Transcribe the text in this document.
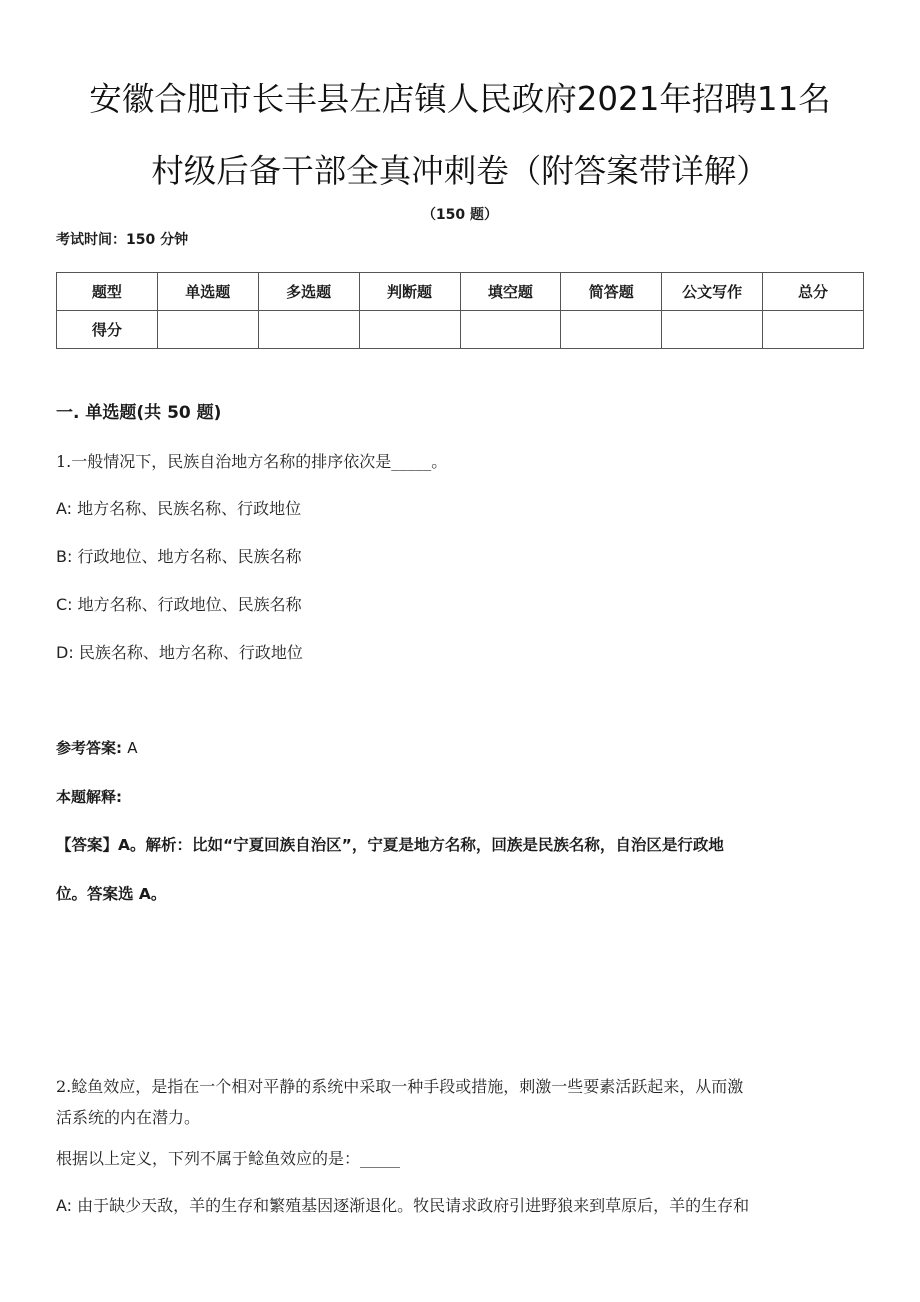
安徽合肥市长丰县左店镇人民政府2021年招聘11名
村级后备干部全真冲刺卷（附答案带详解）
（150 题）
考试时间：150 分钟
题型	单选题	多选题	判断题	填空题	简答题	公文写作	总分
得分							
一. 单选题(共 50 题)
1.一般情况下，民族自治地方名称的排序依次是_____。
A: 地方名称、民族名称、行政地位
B: 行政地位、地方名称、民族名称
C: 地方名称、行政地位、民族名称
D: 民族名称、地方名称、行政地位
参考答案: A
本题解释:
【答案】A。解析：比如“宁夏回族自治区”，宁夏是地方名称，回族是民族名称，自治区是行政地
位。答案选 A。
2.鲶鱼效应，是指在一个相对平静的系统中采取一种手段或措施，刺激一些要素活跃起来，从而激
活系统的内在潜力。
根据以上定义，下列不属于鲶鱼效应的是：_____
A: 由于缺少天敌，羊的生存和繁殖基因逐渐退化。牧民请求政府引进野狼来到草原后，羊的生存和
